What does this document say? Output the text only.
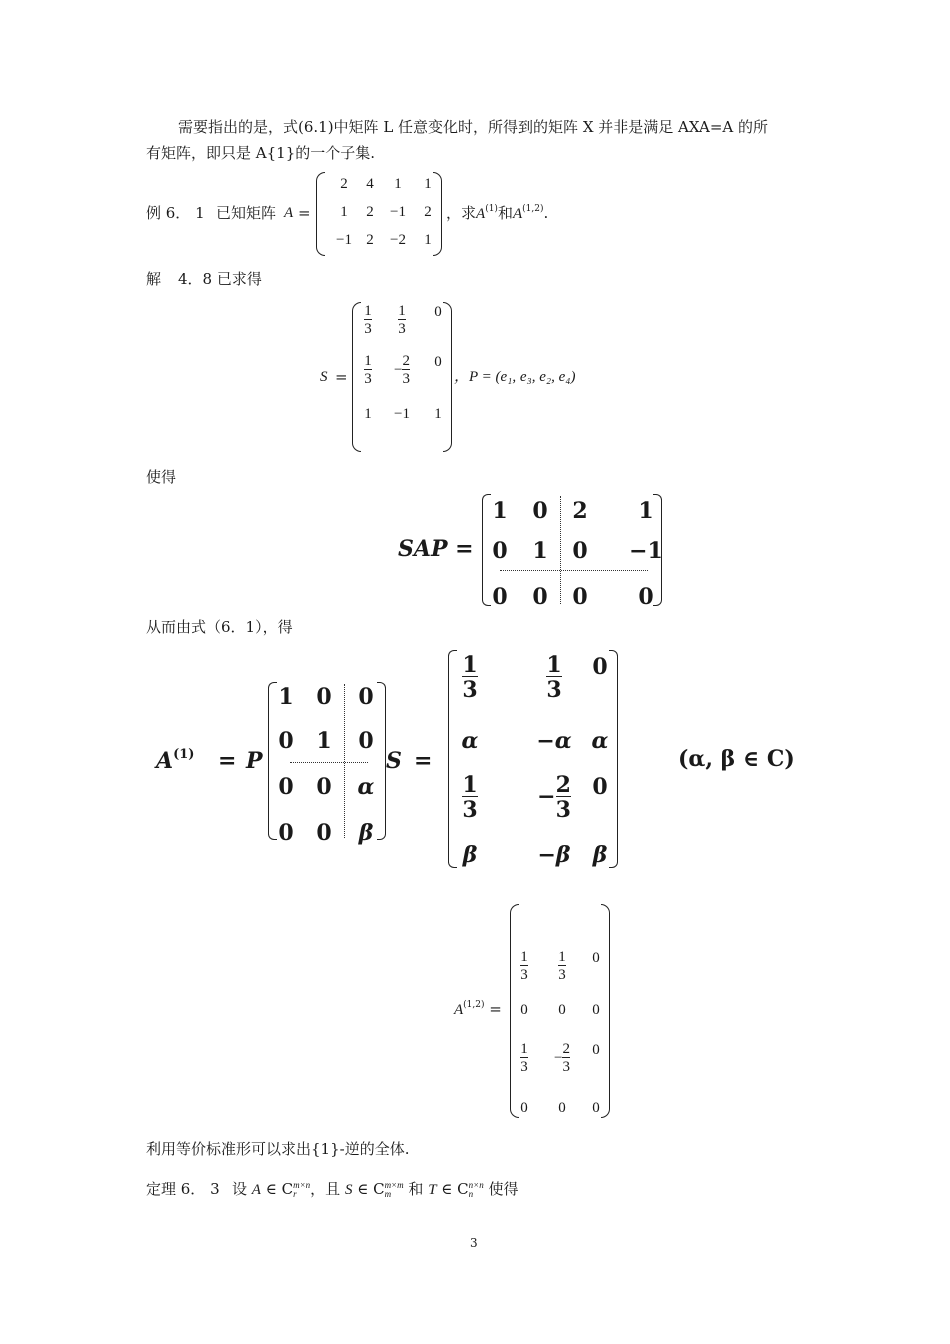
需要指出的是，式(6.1)中矩阵 L 任意变化时，所得到的矩阵 X 并非是满足 AXA=A 的所
有矩阵，即只是 A{1}的一个子集.
例 6． 1 已知矩阵 A =
2	4	1	1
1	2	−1	2
−1 2	−2	1
，求$A^{(1)}$和A$^{(1,2)}$.
解 4．8 已求得
S =
$\frac{1}{3} \frac{1}{3}$	0
$\frac{1}{3}$	− $\frac{2}{3}$	0
1	−1	1
，P = (e₁, e₃, e₂, e₄)
使得
SAP =
1	0	2	1
0	1	0	−1
0	0	0	0
从而由式（6．1），得
$A^{(1)} = P$
1	0	0
0	1	0
0	0	α
0	0	β
S =
$\frac{1}{3}$	$\frac{1}{3}$	0
α	−α α
$\frac{1}{3}$	− $\frac{2}{3} 0$
β	−β	β
(α, β ∈ C)
A$^{(1,2)}$ =
$\frac{1}{3} \frac{1}{3}$	0
0	0	0
$\frac{1}{3}$	− $\frac{2}{3}$	0
0	0	0
利用等价标准形可以求出{1}-逆的全体.
定理 6． 3 设 A ∈ C m×n
r ，且 S ∈ C m×m
m 和 T ∈ C n×n
n 使得
3
